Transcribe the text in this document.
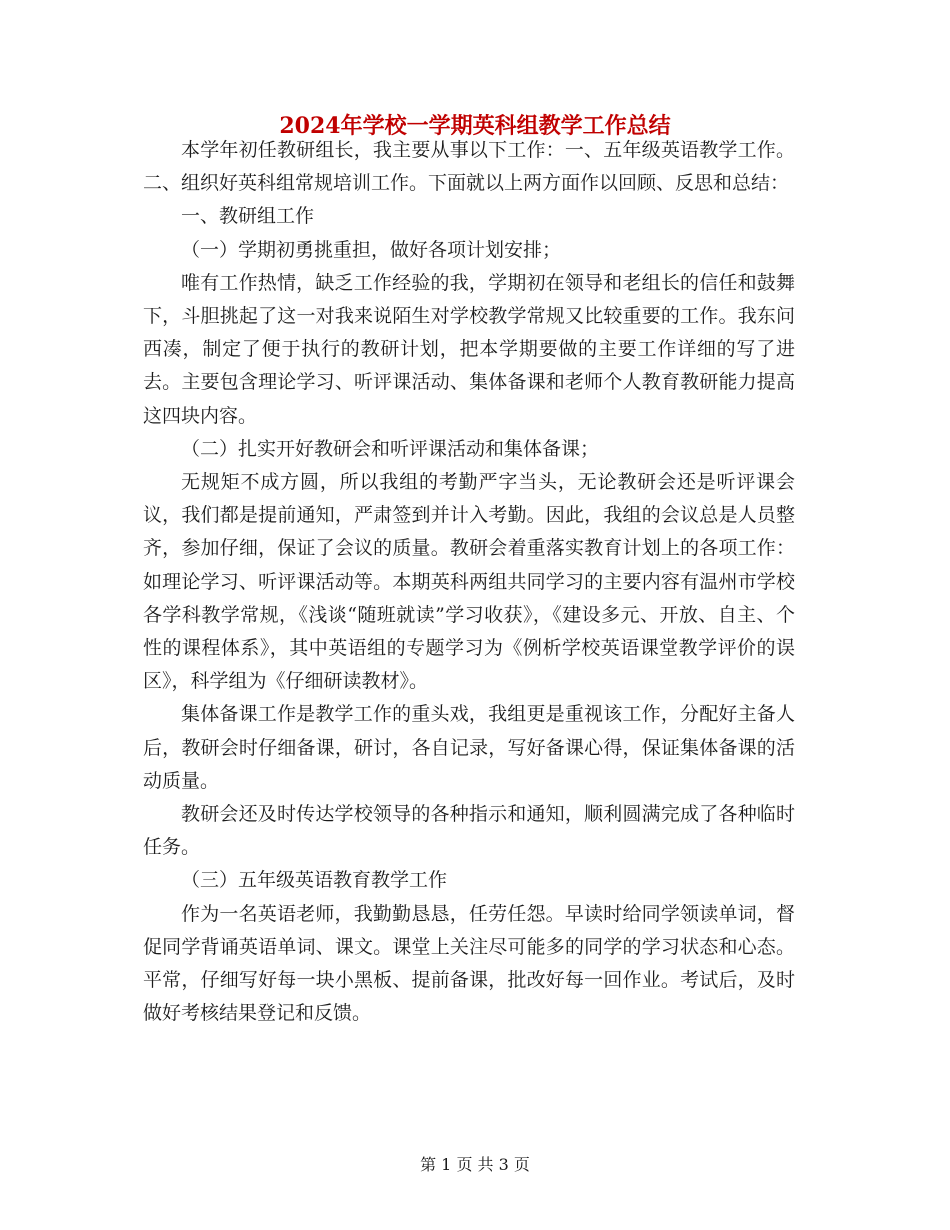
2024年学校一学期英科组教学工作总结

本学年初任教研组长，我主要从事以下工作：一、五年级英语教学工作。二、组织好英科组常规培训工作。下面就以上两方面作以回顾、反思和总结：

一、教研组工作

（一）学期初勇挑重担，做好各项计划安排；

唯有工作热情，缺乏工作经验的我，学期初在领导和老组长的信任和鼓舞下，斗胆挑起了这一对我来说陌生对学校教学常规又比较重要的工作。我东问西凑，制定了便于执行的教研计划，把本学期要做的主要工作详细的写了进去。主要包含理论学习、听评课活动、集体备课和老师个人教育教研能力提高这四块内容。

（二）扎实开好教研会和听评课活动和集体备课；

无规矩不成方圆，所以我组的考勤严字当头，无论教研会还是听评课会议，我们都是提前通知，严肃签到并计入考勤。因此，我组的会议总是人员整齐，参加仔细，保证了会议的质量。教研会着重落实教育计划上的各项工作：如理论学习、听评课活动等。本期英科两组共同学习的主要内容有温州市学校各学科教学常规，《浅谈“随班就读”学习收获》，《建设多元、开放、自主、个性的课程体系》，其中英语组的专题学习为《例析学校英语课堂教学评价的误区》，科学组为《仔细研读教材》。

集体备课工作是教学工作的重头戏，我组更是重视该工作，分配好主备人后，教研会时仔细备课，研讨，各自记录，写好备课心得，保证集体备课的活动质量。

教研会还及时传达学校领导的各种指示和通知，顺利圆满完成了各种临时任务。

（三）五年级英语教育教学工作

作为一名英语老师，我勤勤恳恳，任劳任怨。早读时给同学领读单词，督促同学背诵英语单词、课文。课堂上关注尽可能多的同学的学习状态和心态。平常，仔细写好每一块小黑板、提前备课，批改好每一回作业。考试后，及时做好考核结果登记和反馈。

第 1 页 共 3 页
